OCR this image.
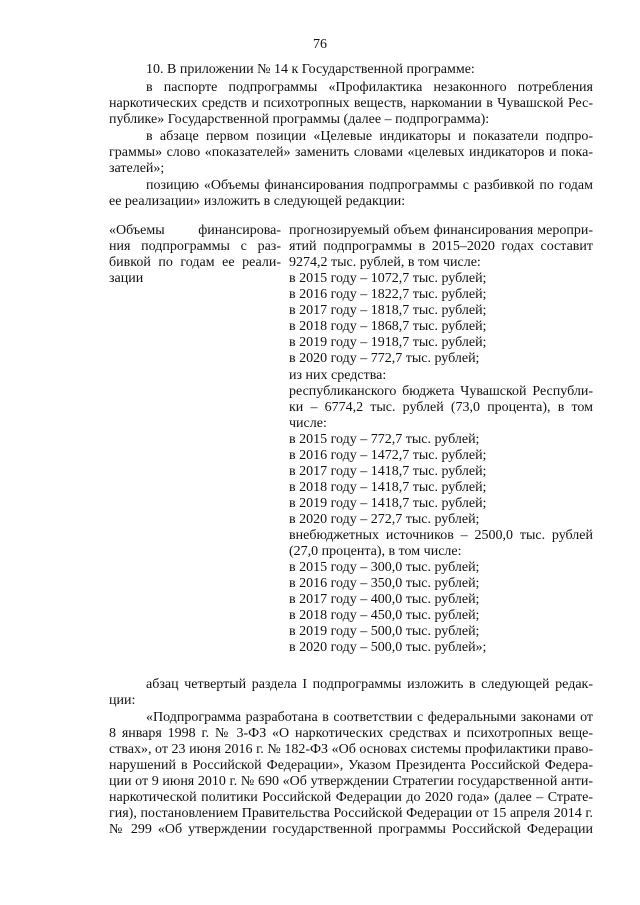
76
10. В приложении № 14 к Государственной программе:
в паспорте подпрограммы «Профилактика незаконного потребления
наркотических средств и психотропных веществ, наркомании в Чувашской Рес-
публике» Государственной программы (далее – подпрограмма):
в абзаце первом позиции «Целевые индикаторы и показатели подпро-
граммы» слово «показателей» заменить словами «целевых индикаторов и пока-
зателей»;
позицию «Объемы финансирования подпрограммы с разбивкой по годам
ее реализации» изложить в следующей редакции:
«Объемы финансирова-
ния подпрограммы с раз-
бивкой по годам ее реали-
зации
прогнозируемый объем финансирования меропри-
ятий подпрограммы в 2015–2020 годах составит
9274,2 тыс. рублей, в том числе:
в 2015 году – 1072,7 тыс. рублей;
в 2016 году – 1822,7 тыс. рублей;
в 2017 году – 1818,7 тыс. рублей;
в 2018 году – 1868,7 тыс. рублей;
в 2019 году – 1918,7 тыс. рублей;
в 2020 году – 772,7 тыс. рублей;
из них средства:
республиканского бюджета Чувашской Республи-
ки – 6774,2 тыс. рублей (73,0 процента), в том
числе:
в 2015 году – 772,7 тыс. рублей;
в 2016 году – 1472,7 тыс. рублей;
в 2017 году – 1418,7 тыс. рублей;
в 2018 году – 1418,7 тыс. рублей;
в 2019 году – 1418,7 тыс. рублей;
в 2020 году – 272,7 тыс. рублей;
внебюджетных источников – 2500,0 тыс. рублей
(27,0 процента), в том числе:
в 2015 году – 300,0 тыс. рублей;
в 2016 году – 350,0 тыс. рублей;
в 2017 году – 400,0 тыс. рублей;
в 2018 году – 450,0 тыс. рублей;
в 2019 году – 500,0 тыс. рублей;
в 2020 году – 500,0 тыс. рублей»;
абзац четвертый раздела I подпрограммы изложить в следующей редак-
ции:
«Подпрограмма разработана в соответствии с федеральными законами от
8 января 1998 г. № 3-ФЗ «О наркотических средствах и психотропных веще-
ствах», от 23 июня 2016 г. № 182-ФЗ «Об основах системы профилактики право-
нарушений в Российской Федерации», Указом Президента Российской Федера-
ции от 9 июня 2010 г. № 690 «Об утверждении Стратегии государственной анти-
наркотической политики Российской Федерации до 2020 года» (далее – Страте-
гия), постановлением Правительства Российской Федерации от 15 апреля 2014 г.
№ 299 «Об утверждении государственной программы Российской Федерации
